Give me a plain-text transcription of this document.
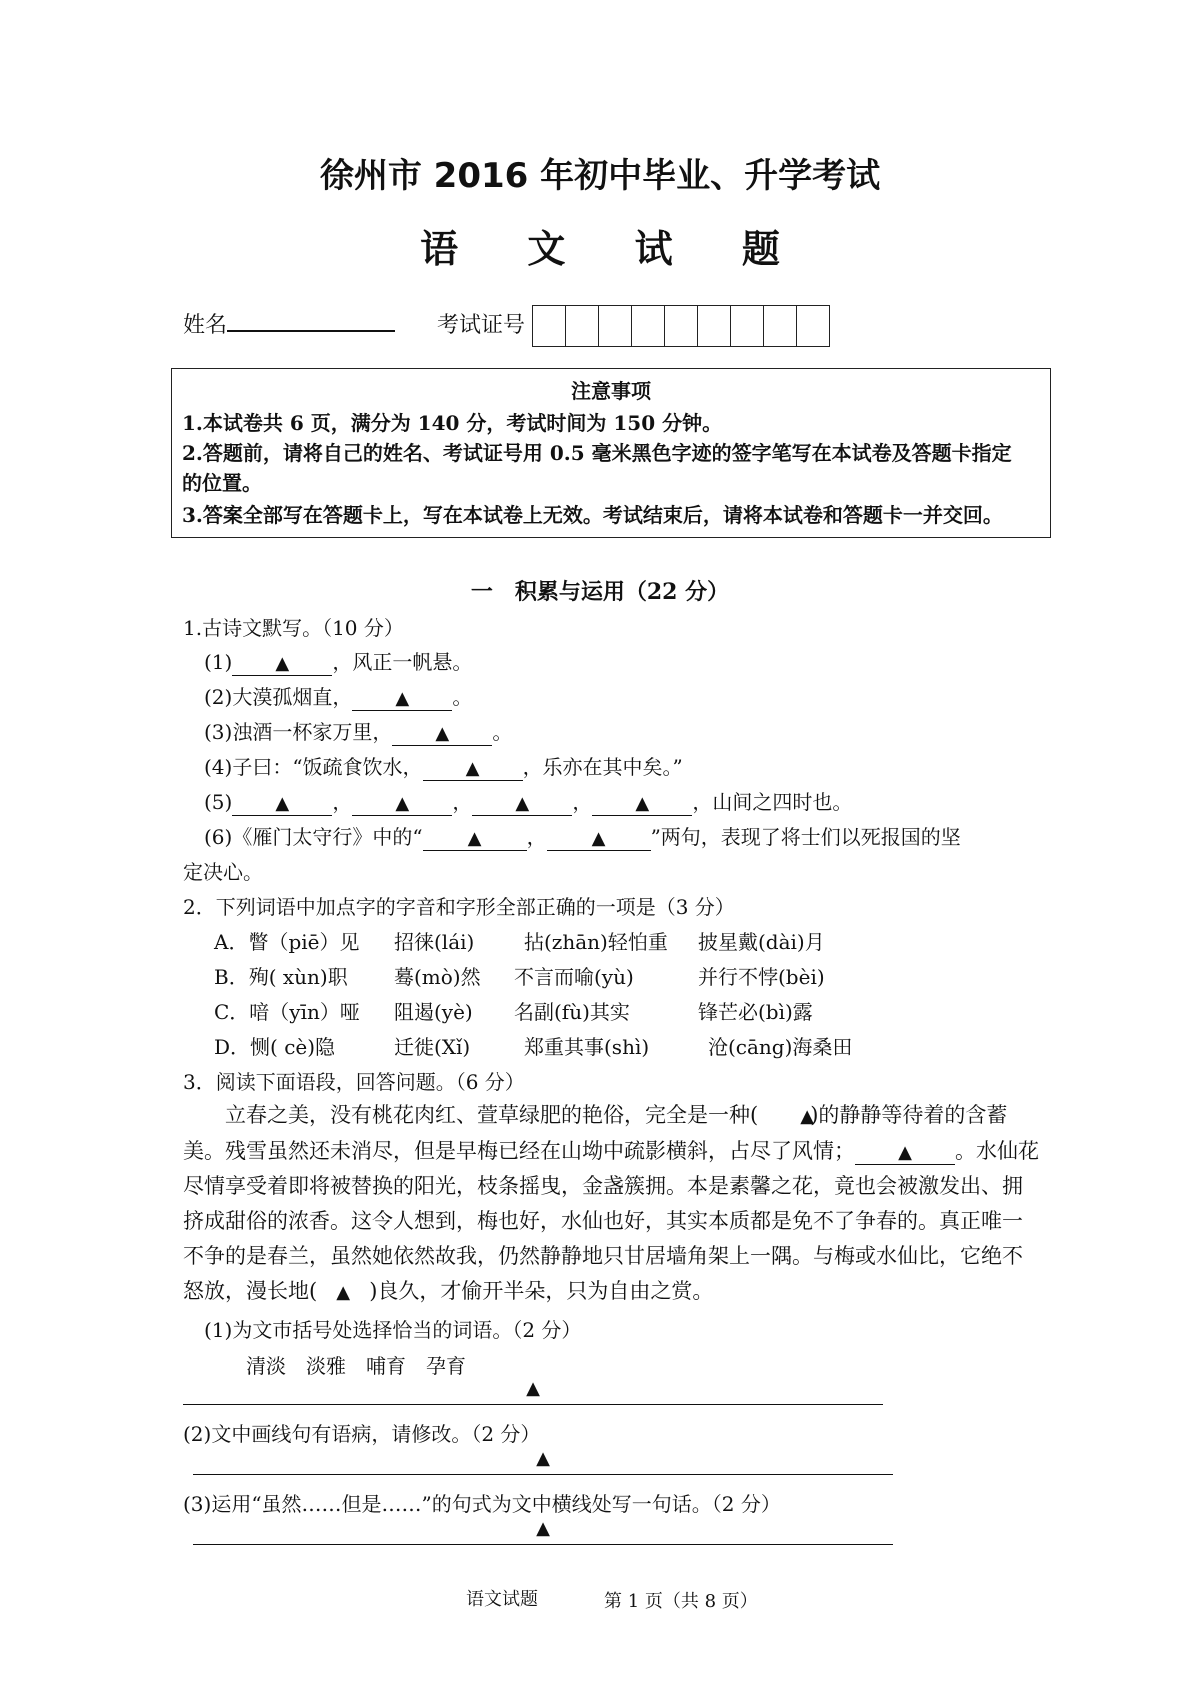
徐州市 2016 年初中毕业、升学考试
语 文 试 题
姓名	考试证号
注意事项
1.本试卷共 6 页，满分为 140 分，考试时间为 150 分钟。
2.答题前，请将自己的姓名、考试证号用 0.5 毫米黑色字迹的签字笔写在本试卷及答题卡指定
的位置。
3.答案全部写在答题卡上，写在本试卷上无效。考试结束后，请将本试卷和答题卡一并交回。
一　积累与运用（22 分）
1.古诗文默写。（10 分）
(1) ▲ ，风正一帆悬。
(2)大漠孤烟直， ▲ 。
(3)浊酒一杯家万里， ▲ 。
(4)子曰：“饭疏食饮水， ▲ ，乐亦在其中矣。”
(5) ▲ ， ▲ ， ▲ ， ▲ ，山间之四时也。
(6)《雁门太守行》中的“	▲ ，	▲ ”两句，表现了将士们以死报国的坚
定决心。
2．下列词语中加点字的字音和字形全部正确的一项是（3 分）
A．瞥（piē）见 招徕(lái) 拈(zhān)轻怕重 披星戴(dài)月
B．殉( xùn)职 蓦(mò)然 不言而喻(yù)	并行不悖(bèi)
C．喑（yīn）哑 阻遏(yè) 名副(fù)其实	锋芒必(bì)露
D．恻( cè)隐	迁徙(Xǐ)	郑重其事(shì)	沧(cāng)海桑田
3．阅读下面语段，回答问题。（6 分）
立春之美，没有桃花肉红、萱草绿肥的艳俗，完全是一种( ▲)的静静等待着的含蓄美。残雪虽然还未消尽，但是早梅已经在山坳中疏影横斜，占尽了风情； ▲ 。水仙花尽情享受着即将被替换的阳光，枝条摇曳，金盏簇拥。本是素馨之花，竟也会被激发出、拥挤成甜俗的浓香。这令人想到，梅也好，水仙也好，其实本质都是免不了争春的。真正唯一不争的是春兰，虽然她依然故我，仍然静静地只甘居墙角架上一隅。与梅或水仙比，它绝不怒放，漫长地( ▲ )良久，才偷开半朵，只为自由之赏。
(1)为文巿括号处选择恰当的词语。（2 分）
清淡　淡雅　哺育　孕育
▲
(2)文中画线句有语病，请修改。（2 分）
▲
(3)运用“虽然……但是……”的句式为文中横线处写一句话。（2 分）
▲
语文试题	第 1 页（共 8 页）
